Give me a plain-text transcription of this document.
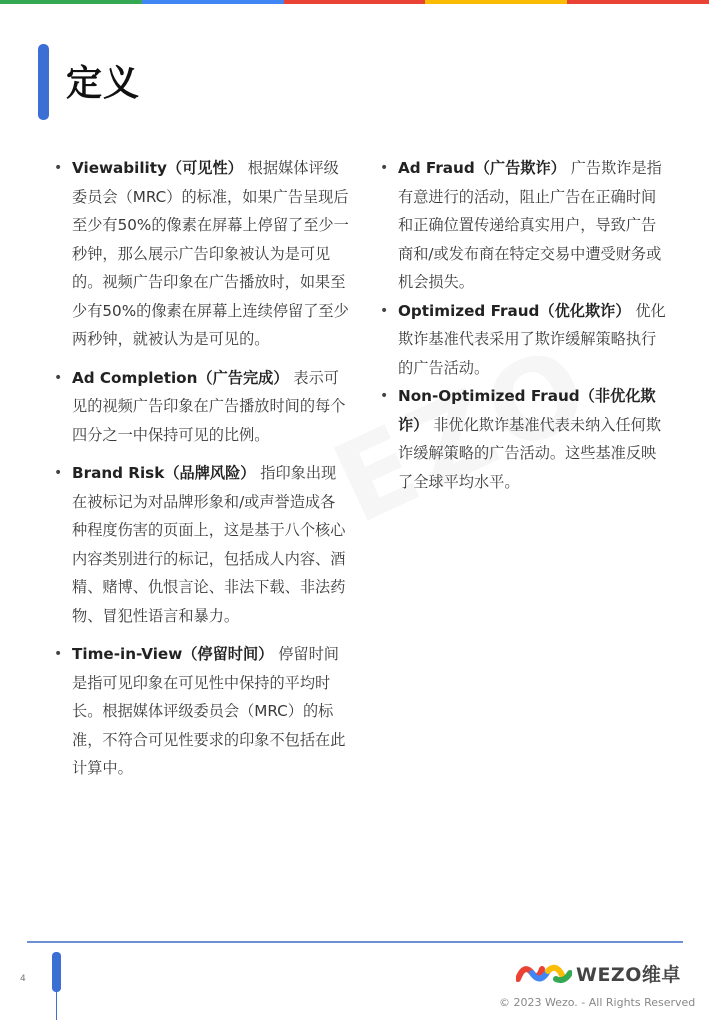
定义
• Viewability（可见性） 根据媒体评级委员会（MRC）的标准，如果广告呈现后至少有50%的像素在屏幕上停留了至少一秒钟，那么展示广告印象被认为是可见的。视频广告印象在广告播放时，如果至少有50%的像素在屏幕上连续停留了至少两秒钟，就被认为是可见的。
• Ad Completion（广告完成） 表示可见的视频广告印象在广告播放时间的每个四分之一中保持可见的比例。
• Brand Risk（品牌风险） 指印象出现在被标记为对品牌形象和/或声誉造成各种程度伤害的页面上，这是基于八个核心内容类别进行的标记，包括成人内容、酒精、赌博、仇恨言论、非法下载、非法药物、冒犯性语言和暴力。
• Time-in-View（停留时间） 停留时间是指可见印象在可见性中保持的平均时长。根据媒体评级委员会（MRC）的标准，不符合可见性要求的印象不包括在此计算中。
• Ad Fraud（广告欺诈） 广告欺诈是指有意进行的活动，阻止广告在正确时间和正确位置传递给真实用户，导致广告商和/或发布商在特定交易中遭受财务或机会损失。
• Optimized Fraud（优化欺诈） 优化欺诈基准代表采用了欺诈缓解策略执行的广告活动。
• Non-Optimized Fraud（非优化欺诈） 非优化欺诈基准代表未纳入任何欺诈缓解策略的广告活动。这些基准反映了全球平均水平。
4	WEZO维卓
© 2023 Wezo. - All Rights Reserved
